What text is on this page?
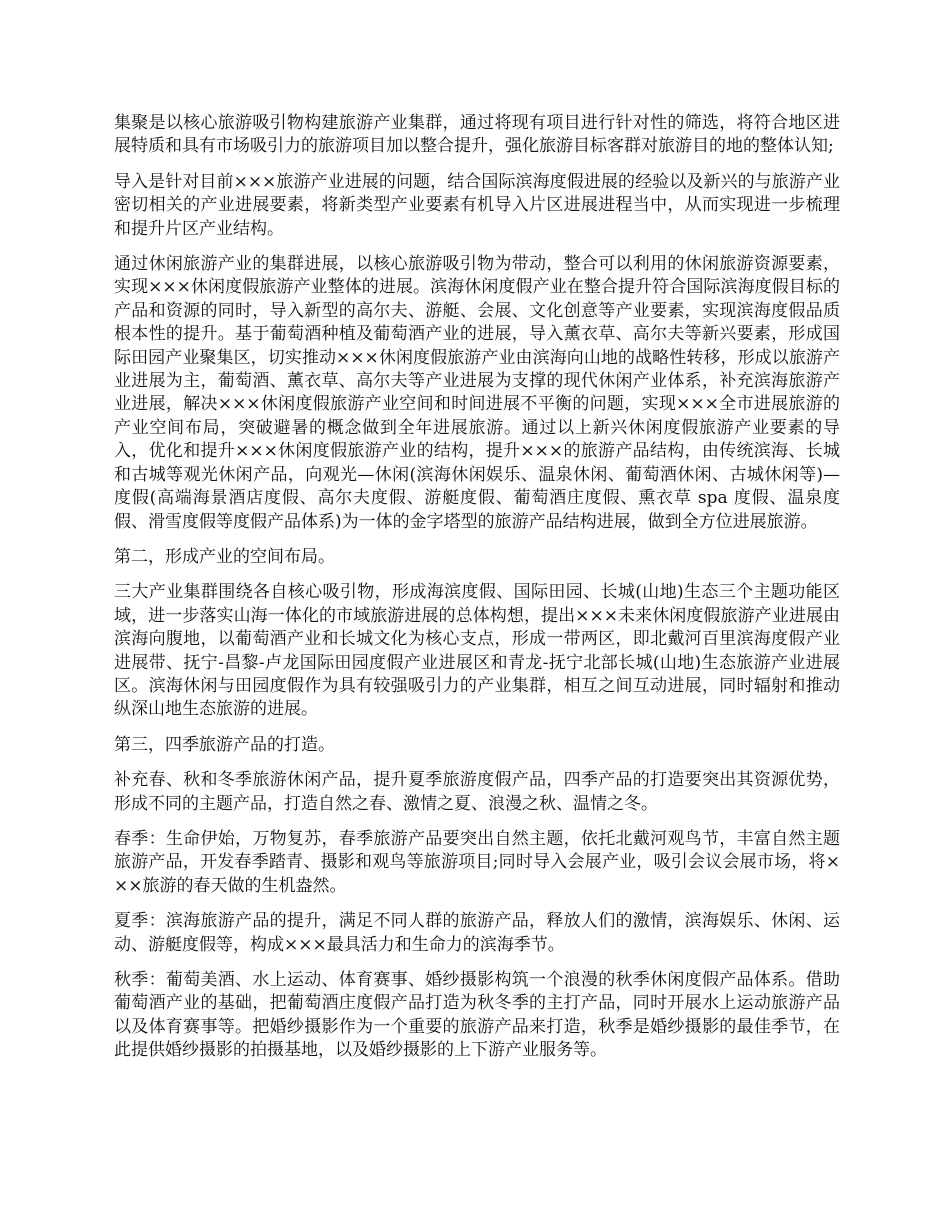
集聚是以核心旅游吸引物构建旅游产业集群，通过将现有项目进行针对性的筛选，将符合地区进展特质和具有市场吸引力的旅游项目加以整合提升，强化旅游目标客群对旅游目的地的整体认知;

导入是针对目前×××旅游产业进展的问题，结合国际滨海度假进展的经验以及新兴的与旅游产业密切相关的产业进展要素，将新类型产业要素有机导入片区进展进程当中，从而实现进一步梳理和提升片区产业结构。

通过休闲旅游产业的集群进展，以核心旅游吸引物为带动，整合可以利用的休闲旅游资源要素，实现×××休闲度假旅游产业整体的进展。滨海休闲度假产业在整合提升符合国际滨海度假目标的产品和资源的同时，导入新型的高尔夫、游艇、会展、文化创意等产业要素，实现滨海度假品质根本性的提升。基于葡萄酒种植及葡萄酒产业的进展，导入薰衣草、高尔夫等新兴要素，形成国际田园产业聚集区，切实推动×××休闲度假旅游产业由滨海向山地的战略性转移，形成以旅游产业进展为主，葡萄酒、薰衣草、高尔夫等产业进展为支撑的现代休闲产业体系，补充滨海旅游产业进展，解决×××休闲度假旅游产业空间和时间进展不平衡的问题，实现×××全市进展旅游的产业空间布局，突破避暑的概念做到全年进展旅游。通过以上新兴休闲度假旅游产业要素的导入，优化和提升×××休闲度假旅游产业的结构，提升×××的旅游产品结构，由传统滨海、长城和古城等观光休闲产品，向观光—休闲(滨海休闲娱乐、温泉休闲、葡萄酒休闲、古城休闲等)—度假(高端海景酒店度假、高尔夫度假、游艇度假、葡萄酒庄度假、熏衣草 spa 度假、温泉度假、滑雪度假等度假产品体系)为一体的金字塔型的旅游产品结构进展，做到全方位进展旅游。

第二，形成产业的空间布局。

三大产业集群围绕各自核心吸引物，形成海滨度假、国际田园、长城(山地)生态三个主题功能区域，进一步落实山海一体化的市域旅游进展的总体构想，提出×××未来休闲度假旅游产业进展由滨海向腹地，以葡萄酒产业和长城文化为核心支点，形成一带两区，即北戴河百里滨海度假产业进展带、抚宁-昌黎-卢龙国际田园度假产业进展区和青龙-抚宁北部长城(山地)生态旅游产业进展区。滨海休闲与田园度假作为具有较强吸引力的产业集群，相互之间互动进展，同时辐射和推动纵深山地生态旅游的进展。

第三，四季旅游产品的打造。

补充春、秋和冬季旅游休闲产品，提升夏季旅游度假产品，四季产品的打造要突出其资源优势，形成不同的主题产品，打造自然之春、激情之夏、浪漫之秋、温情之冬。

春季：生命伊始，万物复苏，春季旅游产品要突出自然主题，依托北戴河观鸟节，丰富自然主题旅游产品，开发春季踏青、摄影和观鸟等旅游项目;同时导入会展产业，吸引会议会展市场，将×××旅游的春天做的生机盎然。

夏季：滨海旅游产品的提升，满足不同人群的旅游产品，释放人们的激情，滨海娱乐、休闲、运动、游艇度假等，构成×××最具活力和生命力的滨海季节。

秋季：葡萄美酒、水上运动、体育赛事、婚纱摄影构筑一个浪漫的秋季休闲度假产品体系。借助葡萄酒产业的基础，把葡萄酒庄度假产品打造为秋冬季的主打产品，同时开展水上运动旅游产品以及体育赛事等。把婚纱摄影作为一个重要的旅游产品来打造，秋季是婚纱摄影的最佳季节，在此提供婚纱摄影的拍摄基地，以及婚纱摄影的上下游产业服务等。
